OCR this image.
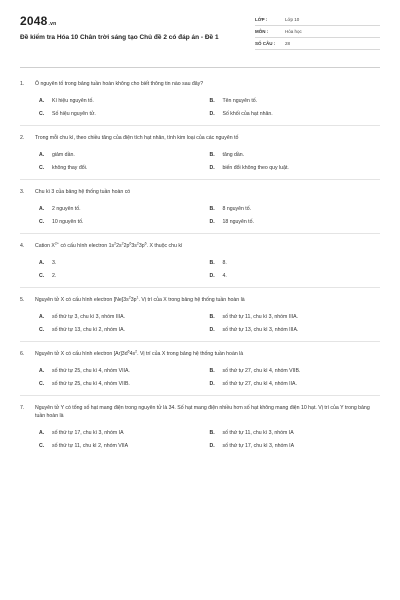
2048.vn
Đề kiểm tra Hóa 10 Chân trời sáng tạo Chủ đề 2 có đáp án - Đề 1
LỚP :	Lớp 10
MÔN :	Hóa học
SỐ CÂU :	28
1.	Ô nguyên tố trong bảng tuần hoàn không cho biết thông tin nào sau đây?
A.	Kí hiệu nguyên tố.	B.	Tên nguyên tố.
C.	Số hiệu nguyên tử.	D.	Số khối của hạt nhân.
2.	Trong mỗi chu kì, theo chiều tăng của điện tích hạt nhân, tính kim loại của các nguyên tố
A.	giảm dần.	B.	tăng dần.
C.	không thay đổi.	D.	biến đổi không theo quy luật.
3.	Chu kì 3 của bảng hệ thống tuần hoàn có
A.	2 nguyên tố.	B.	8 nguyên tố.
C.	10 nguyên tố.	D.	18 nguyên tố.
4.	Cation $X^{2+}$ có cấu hình electron $1s^22s^22p^63s^23p^6$. X thuộc chu kì
A.	3.	B.	8.
C.	2.	D.	4.
5.	Nguyên tử X có cấu hình electron $[Ne]3s^23p^1$. Vị trí của X trong bảng hệ thống tuần hoàn là
A.	số thứ tự 3, chu kì 3, nhóm IIIA.	B.	số thứ tự 11, chu kì 3, nhóm IIIA.
C.	số thứ tự 13, chu kì 2, nhóm IA.	D.	số thứ tự 13, chu kì 3, nhóm IIIA.
6.	Nguyên tử X có cấu hình electron $[Ar]3d^64s^2$. Vị trí của X trong bảng hệ thống tuần hoàn là
A.	số thứ tự 25, chu kì 4, nhóm VIIA.	B.	số thứ tự 27, chu kì 4, nhóm VIIB.
C.	số thứ tự 25, chu kì 4, nhóm VIIB.	D.	số thứ tự 27, chu kì 4, nhóm IIA.
7.	Nguyên tử Y có tổng số hạt mang điện trong nguyên tử là 34. Số hạt mang điện nhiều hơn số hạt không mang điện 10 hạt. Vị trí của Y trong bảng tuần hoàn là
A.	số thứ tự 17, chu kì 3, nhóm IA	B.	số thứ tự 11, chu kì 3, nhóm IA
C.	số thứ tự 11, chu kì 2, nhóm VIIA	D.	số thứ tự 17, chu kì 3, nhóm IA
